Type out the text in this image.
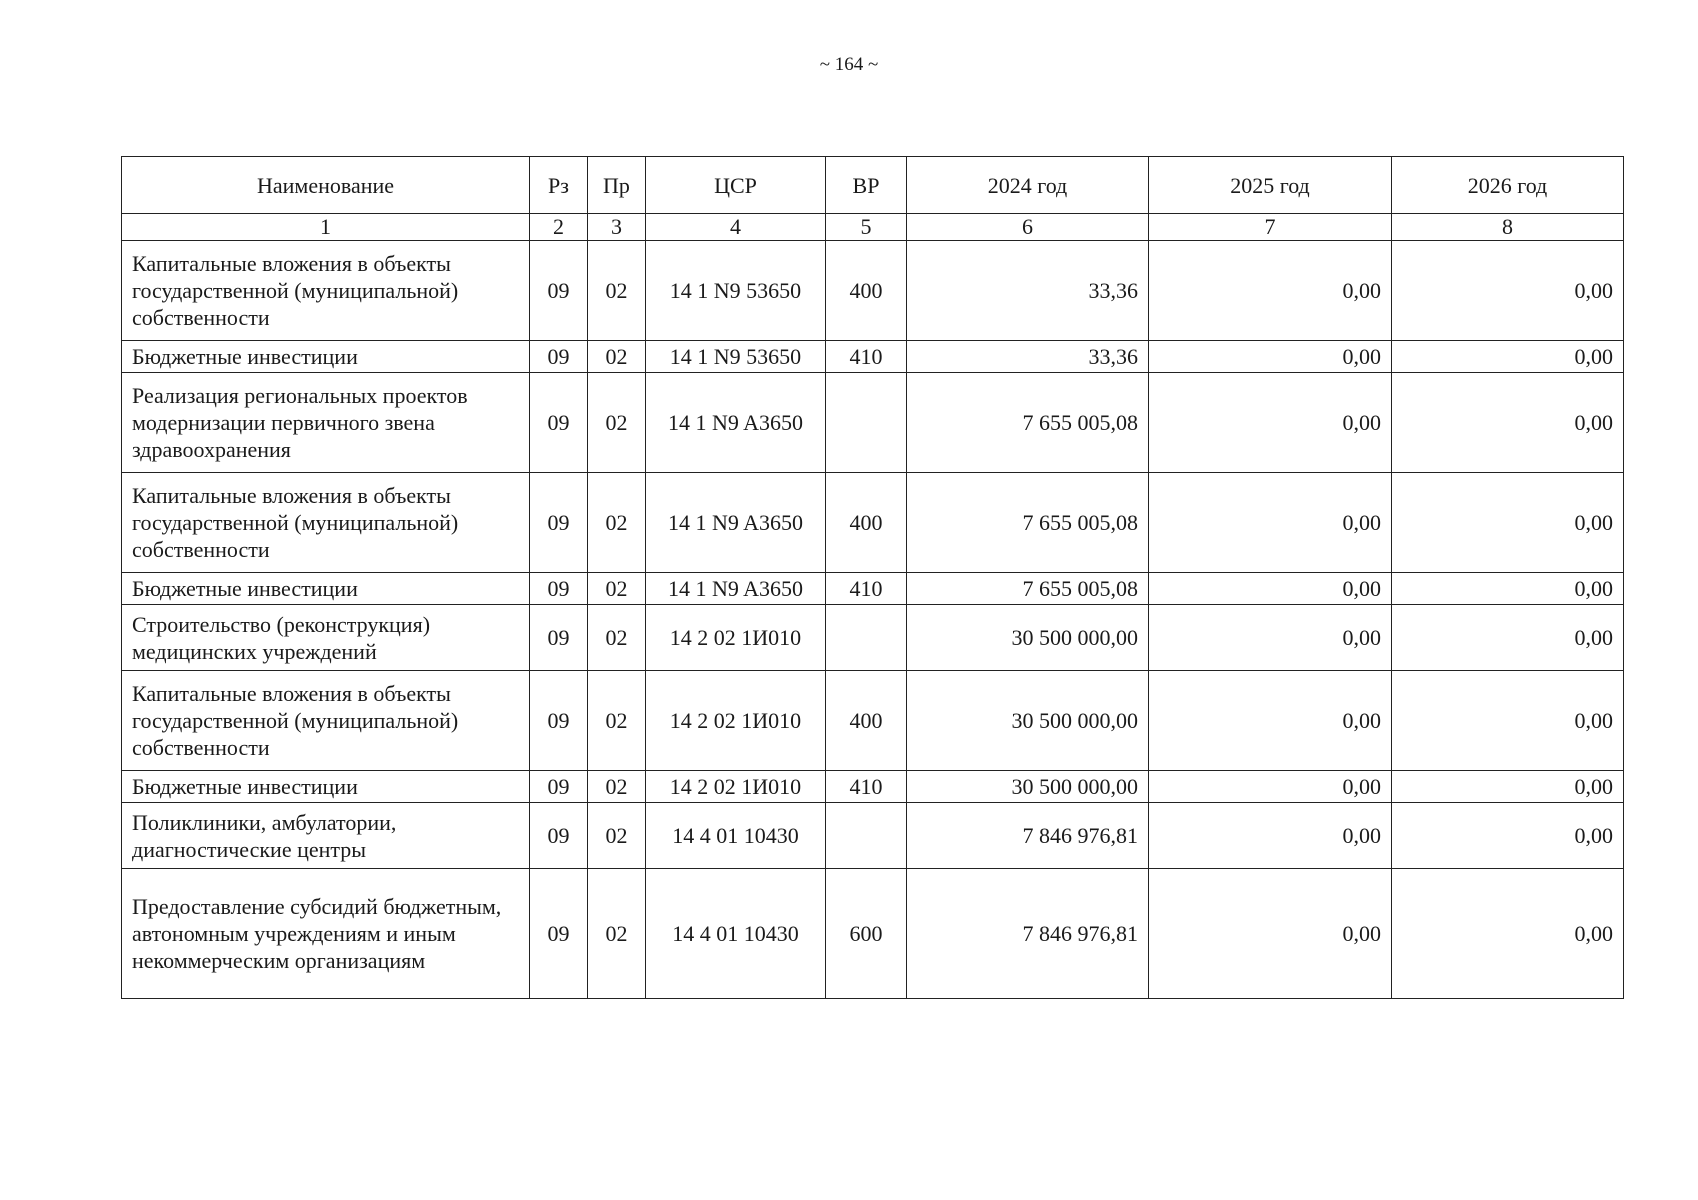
~ 164 ~
Наименование	Рз	Пр	ЦСР	ВР	2024 год	2025 год	2026 год
1	2	3	4	5	6	7	8
Капитальные вложения в объекты государственной (муниципальной) собственности	09	02	14 1 N9 53650	400	33,36	0,00	0,00
Бюджетные инвестиции	09	02	14 1 N9 53650	410	33,36	0,00	0,00
Реализация региональных проектов модернизации первичного звена здравоохранения	09	02	14 1 N9 A3650		7 655 005,08	0,00	0,00
Капитальные вложения в объекты государственной (муниципальной) собственности	09	02	14 1 N9 A3650	400	7 655 005,08	0,00	0,00
Бюджетные инвестиции	09	02	14 1 N9 A3650	410	7 655 005,08	0,00	0,00
Строительство (реконструкция) медицинских учреждений	09	02	14 2 02 1И010		30 500 000,00	0,00	0,00
Капитальные вложения в объекты государственной (муниципальной) собственности	09	02	14 2 02 1И010	400	30 500 000,00	0,00	0,00
Бюджетные инвестиции	09	02	14 2 02 1И010	410	30 500 000,00	0,00	0,00
Поликлиники, амбулатории, диагностические центры	09	02	14 4 01 10430		7 846 976,81	0,00	0,00
Предоставление субсидий бюджетным, автономным учреждениям и иным некоммерческим организациям	09	02	14 4 01 10430	600	7 846 976,81	0,00	0,00
